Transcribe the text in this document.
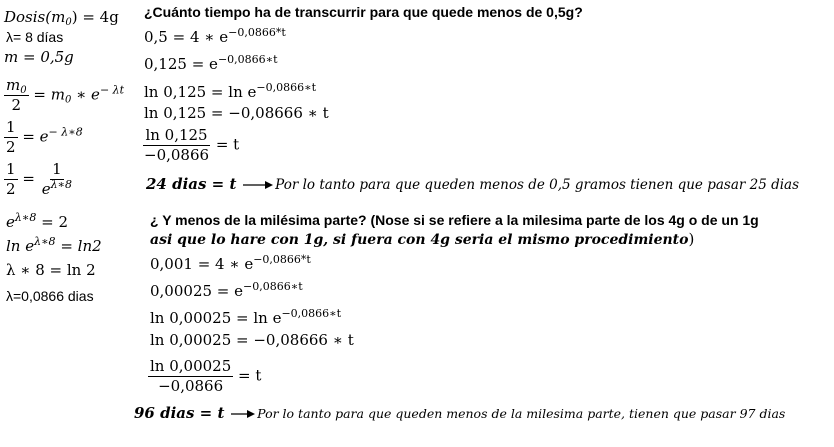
$Dosis(m_0) = 4g$
λ= 8 días
m = 0,5g
$\frac{m_0}{2} = m_0$ ∗ $e^{- \lambda t}$
$\frac{1}{2} = e^{- \lambda∗8}$
$\frac{1}{2} = \frac{1}{e^{\lambda∗8}}$
$e^{\lambda∗8} = 2$
$\ln e^{\lambda∗8} = \ln 2$
λ ∗ 8 = ln 2
λ=0,0866 dias
¿Cuánto tiempo ha de transcurrir para que quede menos de 0,5g?
0,5 = 4 ∗ $e^{-0,0866*t}$
$0,125 = e^{-0,0866∗t}$
$\ln 0,125 = \ln e^{-0,0866∗t}$
ln 0,125 = −0,08666 ∗ t
$\frac{\ln 0,125}{-0,0866} = t$
24 dias = t	Por lo tanto para que queden menos de 0,5 gramos tienen que pasar 25 dias
¿ Y menos de la milésima parte? (Nose si se refiere a la milesima parte de los 4g o de un 1g
asi que lo hare con 1g, si fuera con 4g seria el mismo procedimiento)
0,001 = 4 ∗ $e^{-0,0866*t}$
$0,00025 = e^{-0,0866∗t}$
$\ln 0,00025 = \ln e^{-0,0866∗t}$
ln 0,00025 = −0,08666 ∗ t
$\frac{\ln 0,00025}{-0,0866} = t$
96 dias = t	Por lo tanto para que queden menos de la milesima parte, tienen que pasar 97 dias
